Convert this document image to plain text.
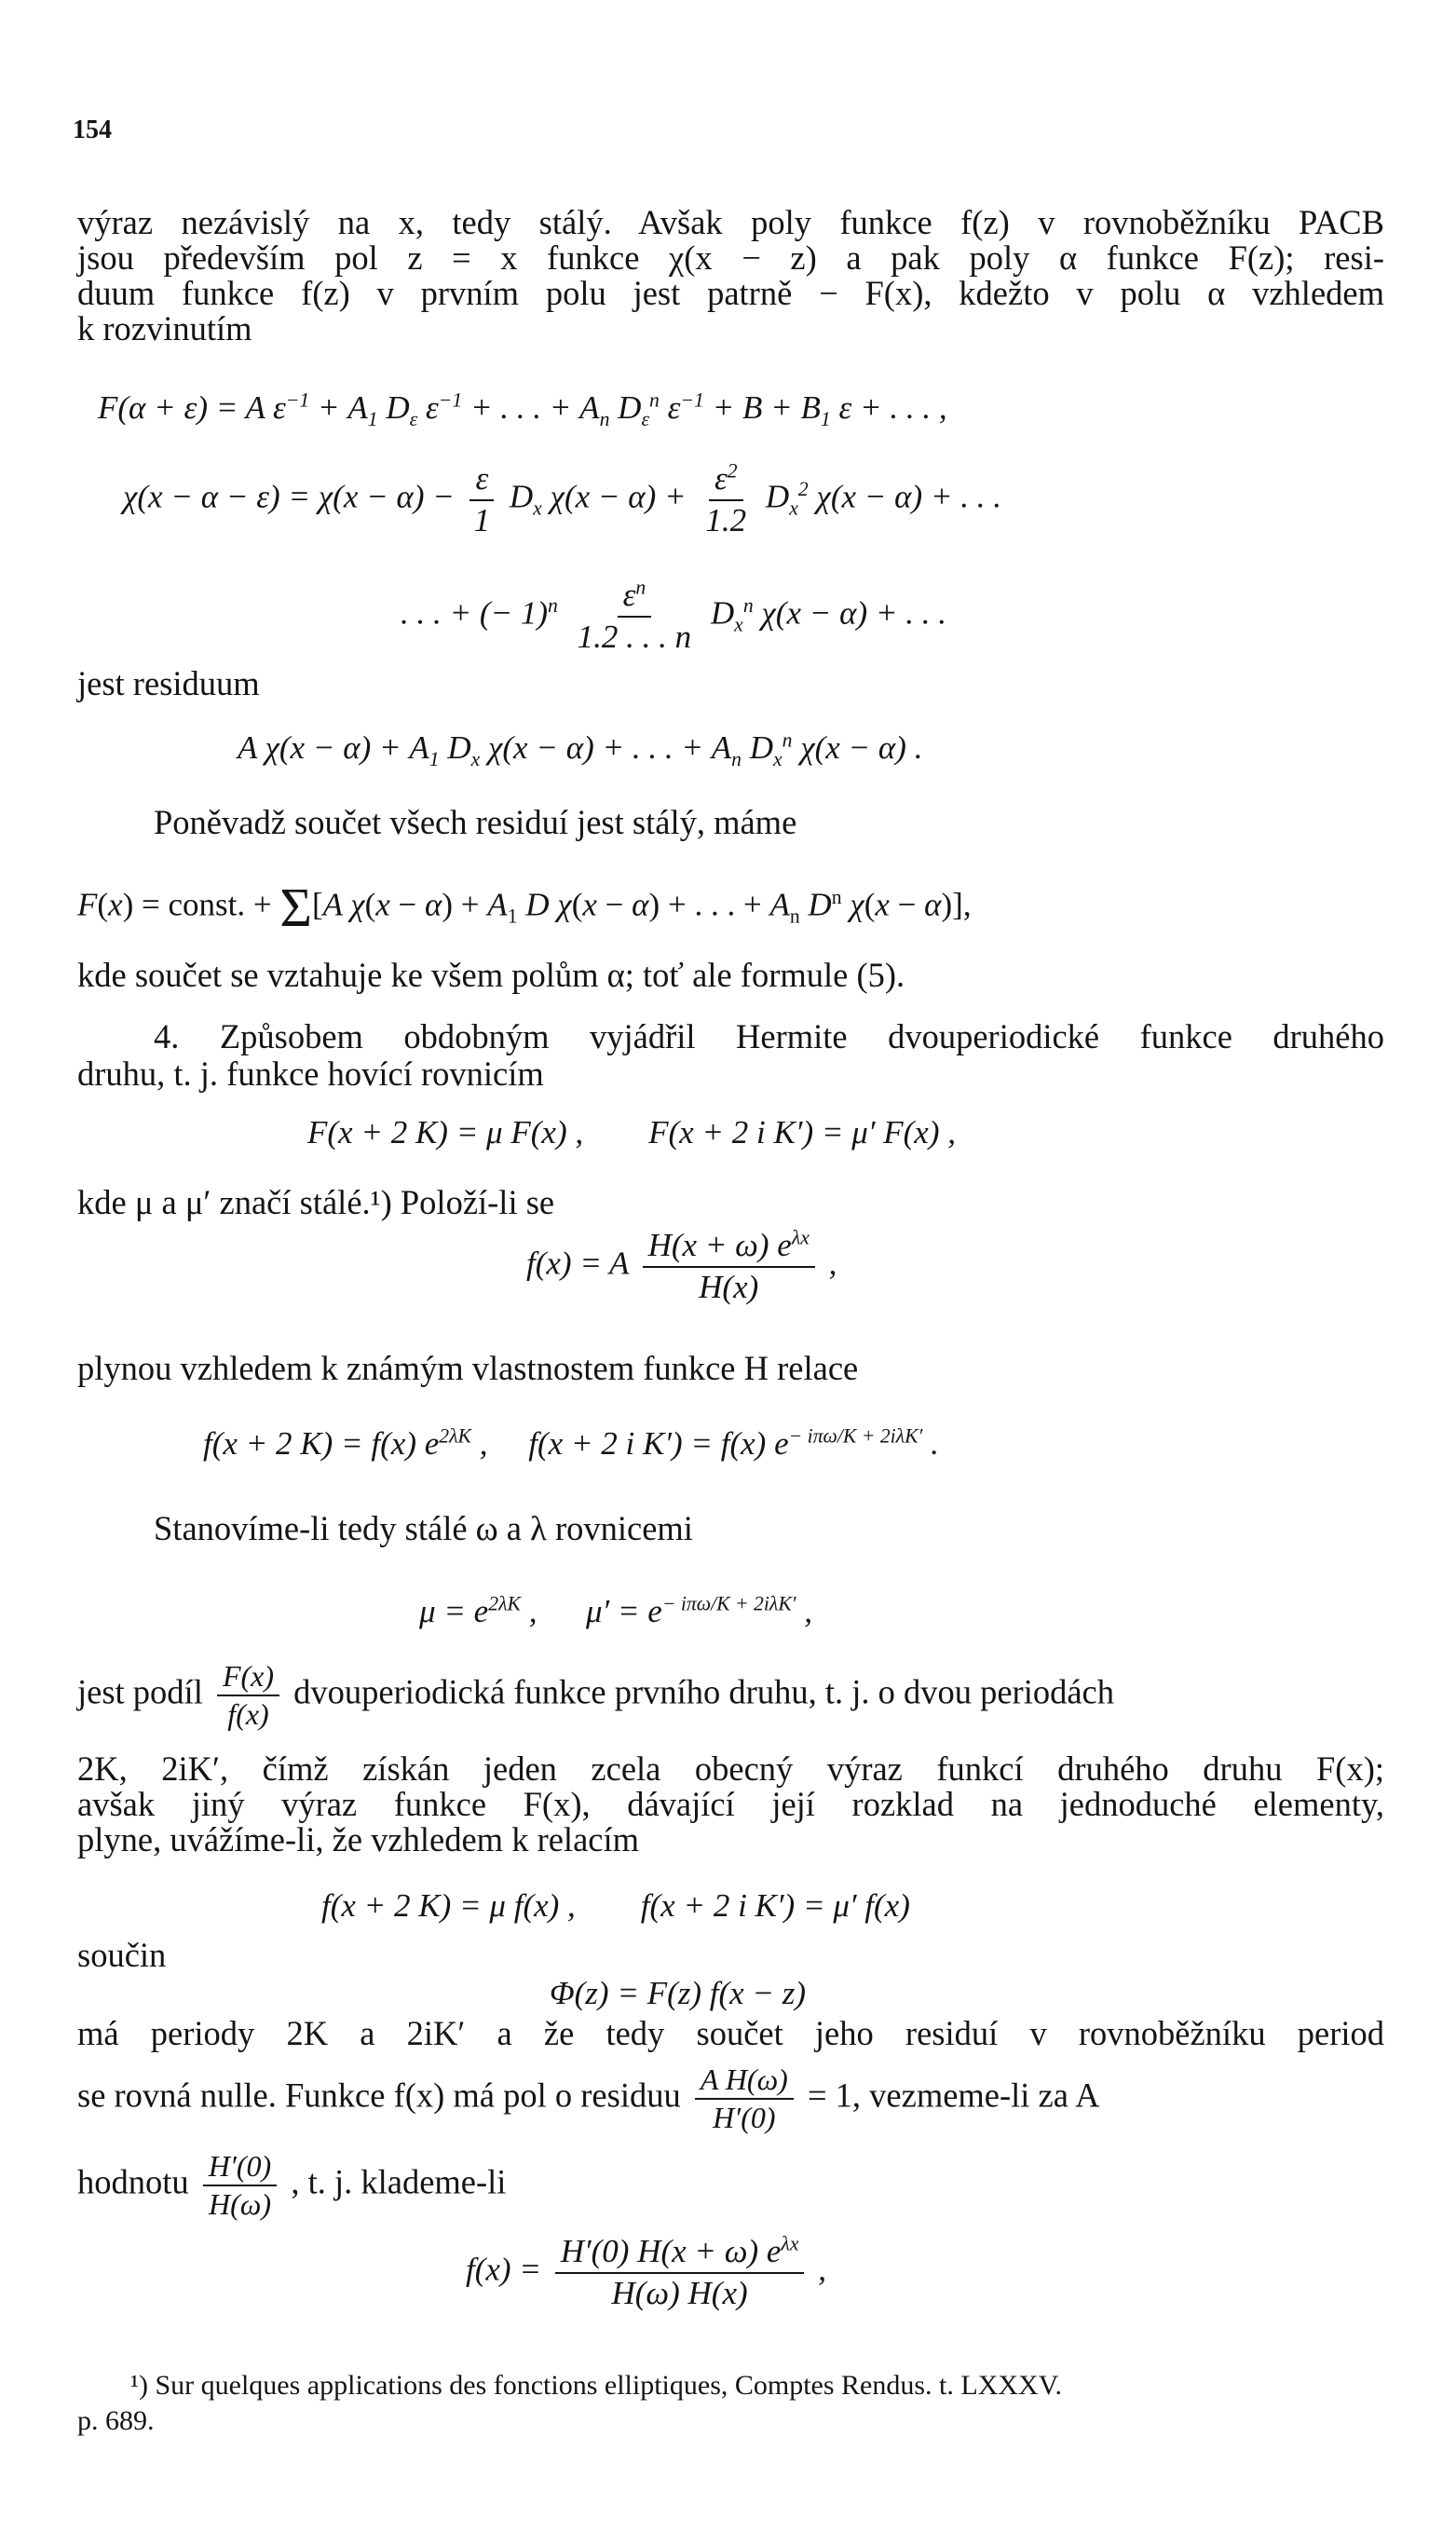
154
výraz nezávislý na x, tedy stálý. Avšak poly funkce f(z) v rovnoběžníku PACB
jsou především pol z = x funkce χ(x − z) a pak poly α funkce F(z); resi-
duum funkce f(z) v prvním polu jest patrně − F(x), kdežto v polu α vzhledem
k rozvinutím
F(α + ε) = A $\varepsilon^{-1} + A_1$ $D_\varepsilon$ $\varepsilon^{-1}$ + . . . + $A_n$ $D_\varepsilon^n$ $\varepsilon^{-1} + B + B_1$ ε + . . . ,
$\chi(x - \alpha - \varepsilon) = \chi(x - \alpha) - \frac{\varepsilon}{1} D_x$ $\chi(x - \alpha) + \frac{\varepsilon^2}{1.2} D_x^2$ χ(x − α) + . . .
. . . + (− $1)^n \frac{\varepsilon^n}{1.2 . . . n} D_x^n$ χ(x − α) + . . .
jest residuum
A $\chi(x - \alpha) + A_1$ $D_x$ χ(x − α) + . . . + $A_n$ $D_x^n$ χ(x − α) .
Poněvadž součet všech residuí jest stálý, máme
F(x) = const. + Σ[A $\chi(x - \alpha) + A_1$ D χ(x − α) + . . . + $A_n$ $D^n$ χ(x − α)],
kde součet se vztahuje ke všem polům α; toť ale formule (5).
4. Způsobem obdobným vyjádřil Hermite dvouperiodické funkce druhého
druhu, t. j. funkce hovící rovnicím
F(x + 2 K) = μ F(x) ,        F(x + 2 i K′) = μ′ F(x) ,
kde μ a μ′ značí stálé.¹) Položí-li se
f(x) = A $\frac{H(x + \omega) e^{\lambda x}}{H(x)}$ ,
plynou vzhledem k známým vlastnostem funkce H relace
f(x + 2 K) = f(x) $e^{2\lambda K}$ ,     f(x + 2 i K′) = f(x) $e^{- i\pi\omega/K + 2i\lambda K'}$ .
Stanovíme-li tedy stálé ω a λ rovnicemi
$\mu = e^{2\lambda K}$ ,      $\mu' = e^{- i\pi\omega/K + 2i\lambda K'}$ ,
jest podíl $\frac{F(x)}{f(x)}$ dvouperiodická funkce prvního druhu, t. j. o dvou periodách
2K, 2iK′, čímž získán jeden zcela obecný výraz funkcí druhého druhu F(x);
avšak jiný výraz funkce F(x), dávající její rozklad na jednoduché elementy,
plyne, uvážíme-li, že vzhledem k relacím
f(x + 2 K) = μ f(x) ,        f(x + 2 i K′) = μ′ f(x)
součin
Φ(z) = F(z) f(x − z)
má periody 2K a 2iK′ a že tedy součet jeho residuí v rovnoběžníku period
se rovná nulle. Funkce f(x) má pol o residuu $\frac{\text{A H(ω)}}{H'(0)} = 1$, vezmeme-li za A
hodnotu $\frac{H'(0)}{H(\omega)}$ , t. j. klademe-li
$f(x) = \frac{H'(0) H(x + \omega) e^{\lambda x}}{H(\omega) H(x)}$ ,
¹) Sur quelques applications des fonctions elliptiques, Comptes Rendus. t. LXXXV.
p. 689.
